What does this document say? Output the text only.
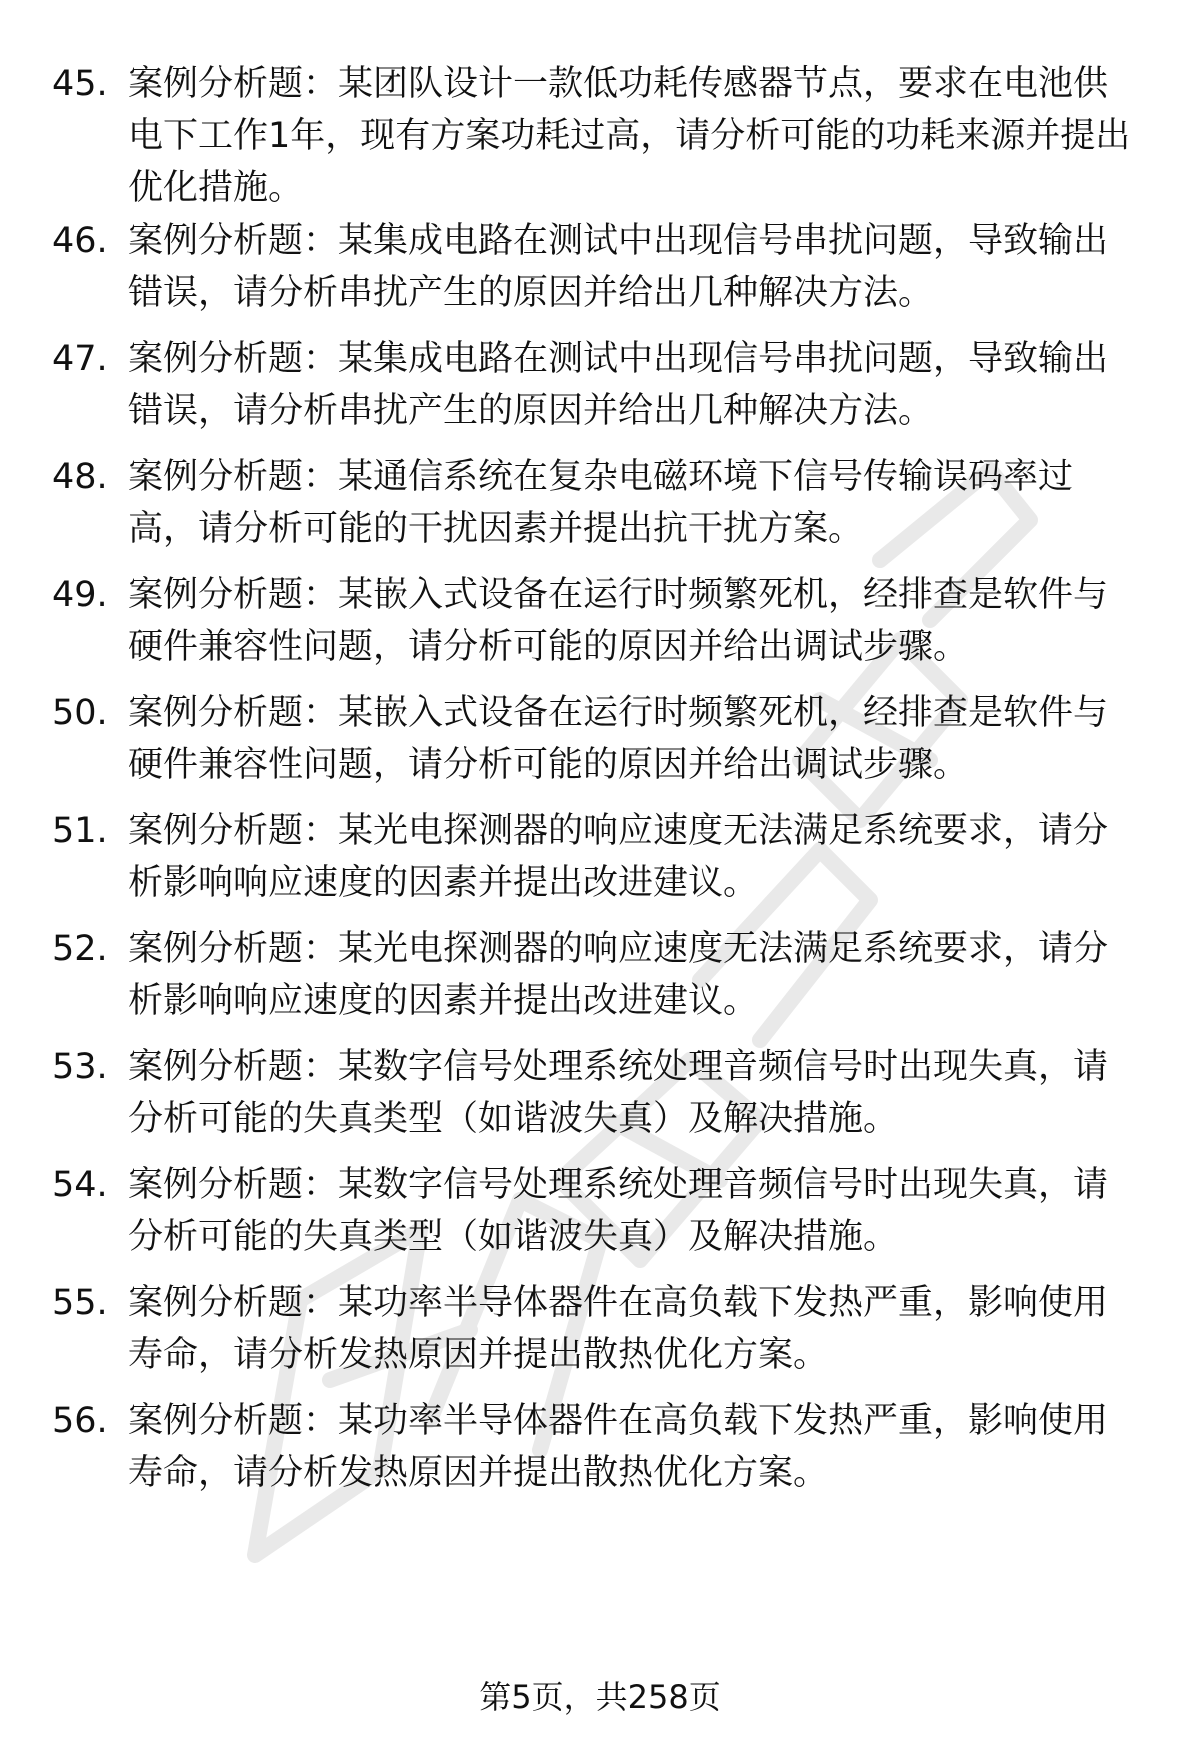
45. 案例分析题：某团队设计一款低功耗传感器节点，要求在电池供
电下工作1年，现有方案功耗过高，请分析可能的功耗来源并提出
优化措施。
46. 案例分析题：某集成电路在测试中出现信号串扰问题，导致输出
错误，请分析串扰产生的原因并给出几种解决方法。
47. 案例分析题：某集成电路在测试中出现信号串扰问题，导致输出
错误，请分析串扰产生的原因并给出几种解决方法。
48. 案例分析题：某通信系统在复杂电磁环境下信号传输误码率过
高，请分析可能的干扰因素并提出抗干扰方案。
49. 案例分析题：某嵌入式设备在运行时频繁死机，经排查是软件与
硬件兼容性问题，请分析可能的原因并给出调试步骤。
50. 案例分析题：某嵌入式设备在运行时频繁死机，经排查是软件与
硬件兼容性问题，请分析可能的原因并给出调试步骤。
51. 案例分析题：某光电探测器的响应速度无法满足系统要求，请分
析影响响应速度的因素并提出改进建议。
52. 案例分析题：某光电探测器的响应速度无法满足系统要求，请分
析影响响应速度的因素并提出改进建议。
53. 案例分析题：某数字信号处理系统处理音频信号时出现失真，请
分析可能的失真类型（如谐波失真）及解决措施。
54. 案例分析题：某数字信号处理系统处理音频信号时出现失真，请
分析可能的失真类型（如谐波失真）及解决措施。
55. 案例分析题：某功率半导体器件在高负载下发热严重，影响使用
寿命，请分析发热原因并提出散热优化方案。
56. 案例分析题：某功率半导体器件在高负载下发热严重，影响使用
寿命，请分析发热原因并提出散热优化方案。
第5页，共258页
